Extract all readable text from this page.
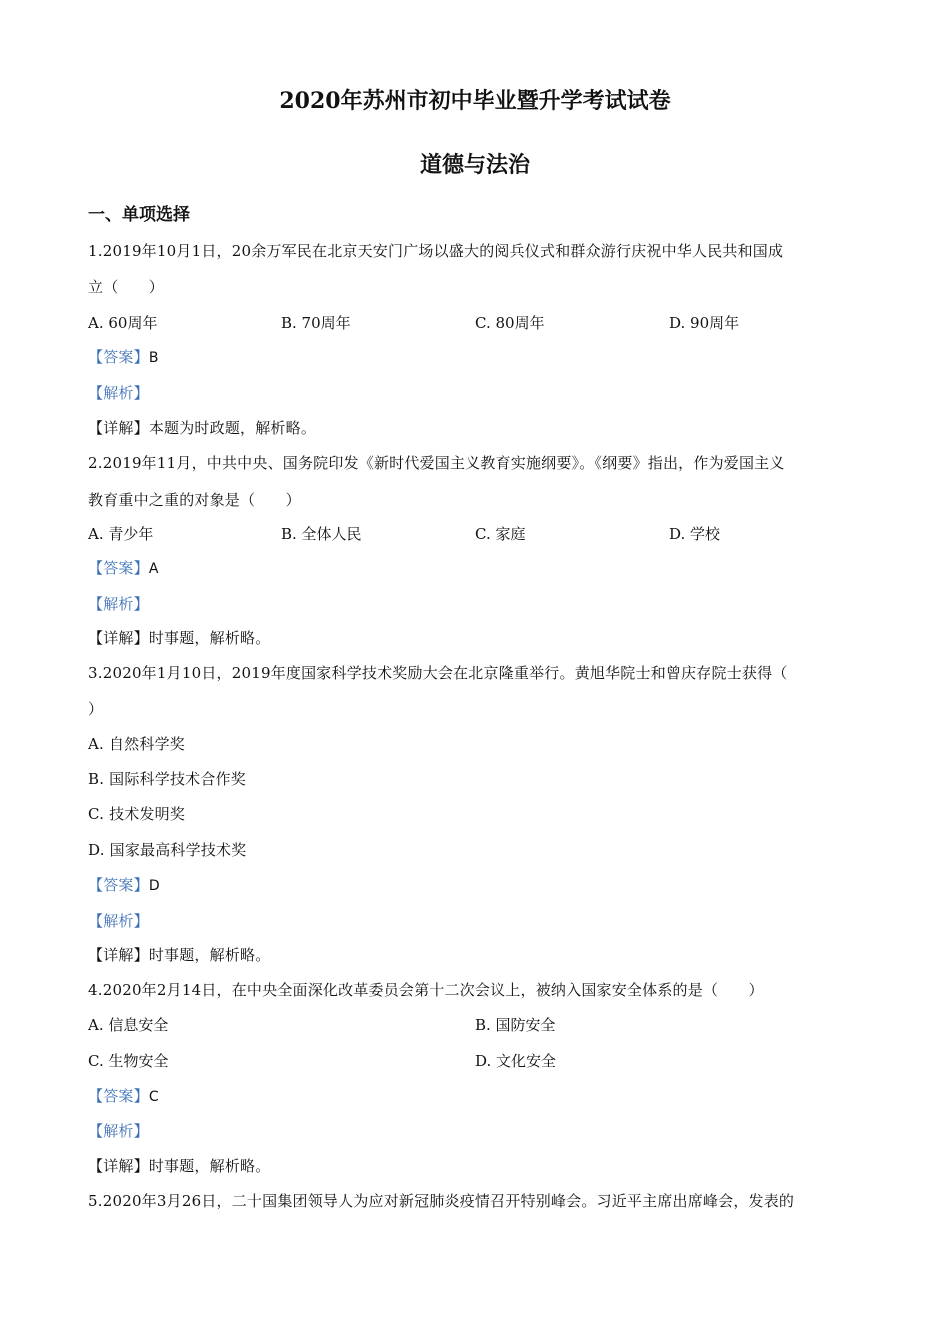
2020年苏州市初中毕业暨升学考试试卷
道德与法治
一、单项选择
1.2019年10月1日，20余万军民在北京天安门广场以盛大的阅兵仪式和群众游行庆祝中华人民共和国成
立（　　）
A. 60周年	B. 70周年	C. 80周年	D. 90周年
【答案】B
【解析】
【详解】本题为时政题，解析略。
2.2019年11月，中共中央、国务院印发《新时代爱国主义教育实施纲要》。《纲要》指出，作为爱国主义
教育重中之重的对象是（　　）
A. 青少年	B. 全体人民	C. 家庭	D. 学校
【答案】A
【解析】
【详解】时事题，解析略。
3.2020年1月10日，2019年度国家科学技术奖励大会在北京隆重举行。黄旭华院士和曾庆存院士获得（
）
A. 自然科学奖
B. 国际科学技术合作奖
C. 技术发明奖
D. 国家最高科学技术奖
【答案】D
【解析】
【详解】时事题，解析略。
4.2020年2月14日，在中央全面深化改革委员会第十二次会议上，被纳入国家安全体系的是（　　）
A. 信息安全	B. 国防安全
C. 生物安全	D. 文化安全
【答案】C
【解析】
【详解】时事题，解析略。
5.2020年3月26日，二十国集团领导人为应对新冠肺炎疫情召开特别峰会。习近平主席出席峰会，发表的
